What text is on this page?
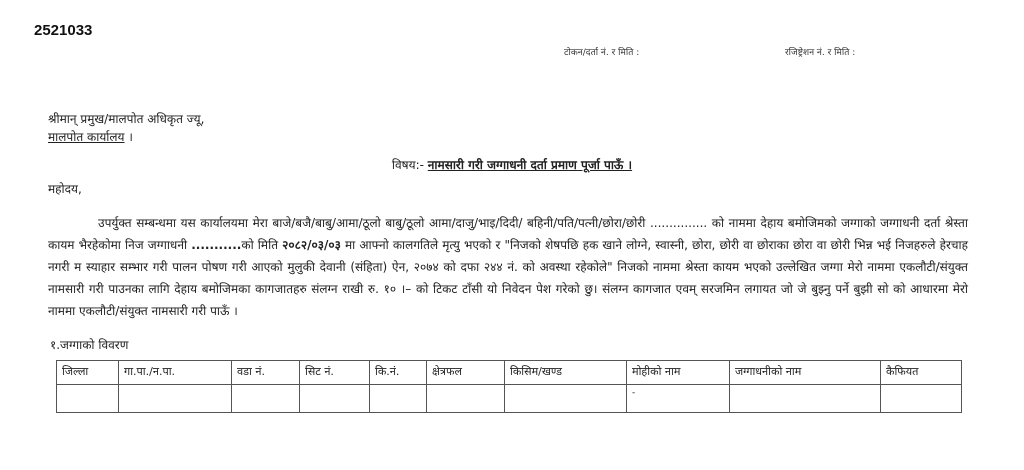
2521033
टोकन/दर्ता नं. र मिति :	रजिष्ट्रेशन नं. र मिति :
श्रीमान् प्रमुख/मालपोत अधिकृत ज्यू,
मालपोत कार्यालय ।
विषय:- नामसारी गरी जग्गाधनी दर्ता प्रमाण पूर्जा पाऊँ ।
महोदय,
उपर्युक्त सम्बन्धमा यस कार्यालयमा मेरा बाजे/बजै/बाबु/आमा/ठूलो बाबु/ठूलो आमा/दाजु/भाइ/दिदी/ बहिनी/पति/पत्नी/छोरा/छोरी ............... को नाममा देहाय बमोजिमको जग्गाको जग्गाधनी दर्ता श्रेस्ता कायम भैरहेकोमा निज जग्गाधनी ...........को मिति २०८२/०३/०३ मा आफ्नो कालगतिले मृत्यु भएको र "निजको शेषपछि हक खाने लोग्ने, स्वास्नी, छोरा, छोरी वा छोराका छोरा वा छोरी भिन्न भई निजहरुले हेरचाह नगरी म स्याहार सम्भार गरी पालन पोषण गरी आएको मुलुकी देवानी (संहिता) ऐन, २०७४ को दफा २४४ नं. को अवस्था रहेकोले" निजको नाममा श्रेस्ता कायम भएको उल्लेखित जग्गा मेरो नाममा एकलौटी/संयुक्त नामसारी गरी पाउनका लागि देहाय बमोजिमका कागजातहरु संलग्न राखी रु. १० ।– को टिकट टाँसी यो निवेदन पेश गरेको छु। संलग्न कागजात एवम् सरजमिन लगायत जो जे बुझ्नु पर्ने बुझी सो को आधारमा मेरो नाममा एकलौटी/संयुक्त नामसारी गरी पाऊँ ।
१.जग्गाको विवरण
जिल्ला	गा.पा./न.पा.	वडा नं.	सिट नं.	कि.नं.	क्षेत्रफल	किसिम/खण्ड	मोहीको नाम	जग्गाधनीको नाम	कैफियत
							-		
